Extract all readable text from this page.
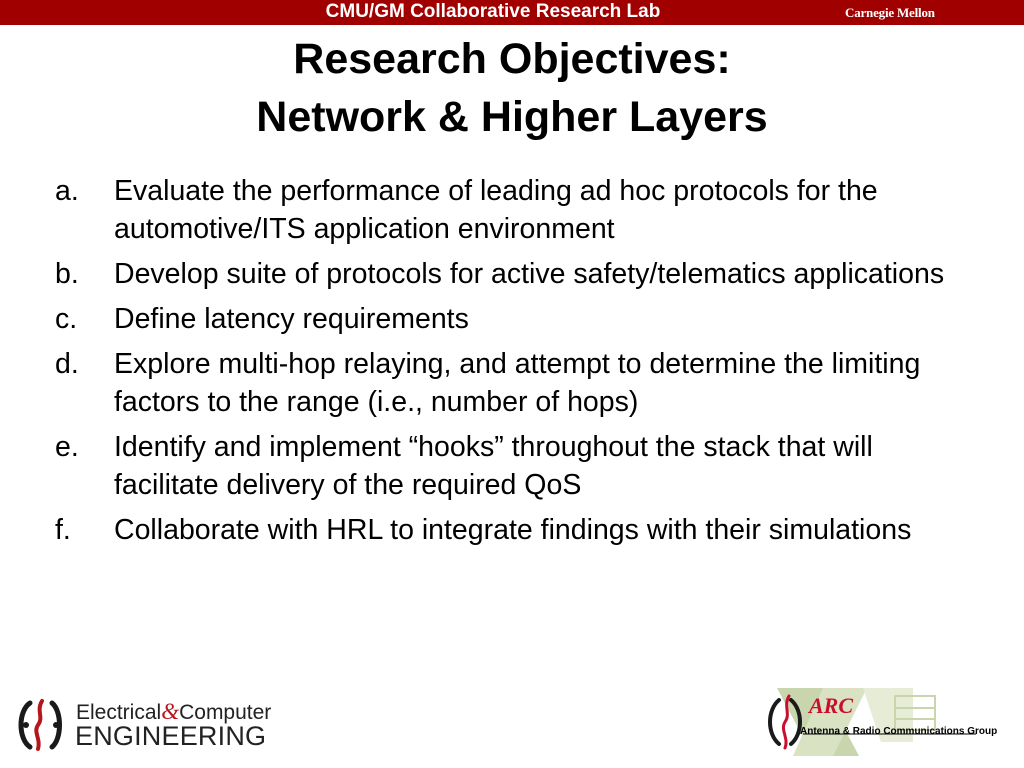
CMU/GM Collaborative Research Lab	Carnegie Mellon
Research Objectives:
Network & Higher Layers
a. Evaluate the performance of leading ad hoc protocols for the automotive/ITS application environment
b. Develop suite of protocols for active safety/telematics applications
c. Define latency requirements
d. Explore multi-hop relaying, and attempt to determine the limiting factors to the range (i.e., number of hops)
e. Identify and implement “hooks” throughout the stack that will facilitate delivery of the required QoS
f. Collaborate with HRL to integrate findings with their simulations
Electrical&Computer
ENGINEERING
ARC
Antenna & Radio Communications Group
